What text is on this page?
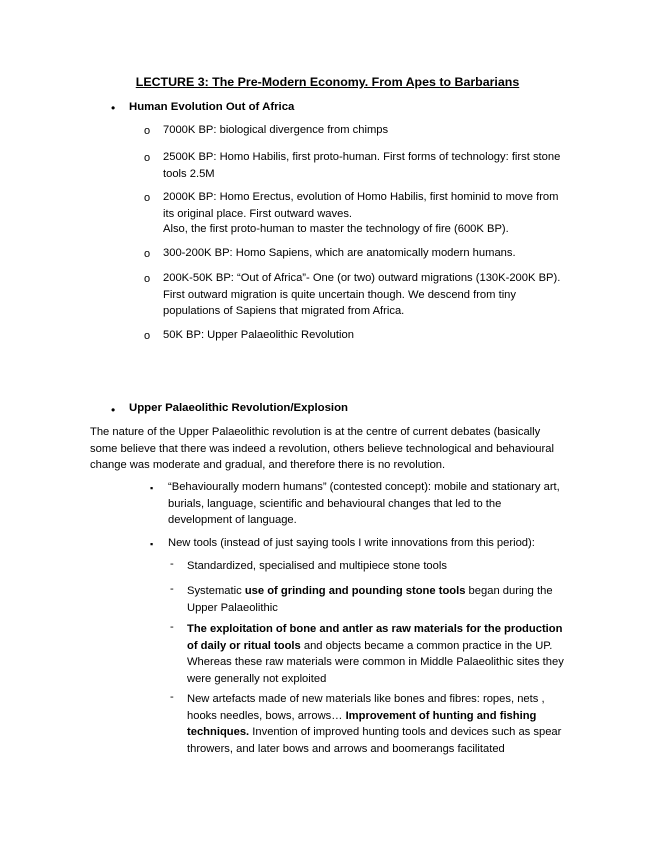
LECTURE 3: The Pre-Modern Economy. From Apes to Barbarians

• Human Evolution Out of Africa

o 7000K BP: biological divergence from chimps

o 2500K BP: Homo Habilis, first proto-human. First forms of technology: first stone tools 2.5M

o 2000K BP: Homo Erectus, evolution of Homo Habilis, first hominid to move from its original place. First outward waves.

Also, the first proto-human to master the technology of fire (600K BP).

o 300-200K BP: Homo Sapiens, which are anatomically modern humans.

o 200K-50K BP: “Out of Africa”- One (or two) outward migrations (130K-200K BP). First outward migration is quite uncertain though. We descend from tiny populations of Sapiens that migrated from Africa.

o 50K BP: Upper Palaeolithic Revolution

• Upper Palaeolithic Revolution/Explosion

The nature of the Upper Palaeolithic revolution is at the centre of current debates (basically some believe that there was indeed a revolution, others believe technological and behavioural change was moderate and gradual, and therefore there is no revolution.

▪ “Behaviourally modern humans” (contested concept): mobile and stationary art, burials, language, scientific and behavioural changes that led to the development of language.

▪ New tools (instead of just saying tools I write innovations from this period):

- Standardized, specialised and multipiece stone tools

- Systematic use of grinding and pounding stone tools began during the Upper Palaeolithic

- The exploitation of bone and antler as raw materials for the production of daily or ritual tools and objects became a common practice in the UP. Whereas these raw materials were common in Middle Palaeolithic sites they were generally not exploited

- New artefacts made of new materials like bones and fibres: ropes, nets , hooks needles, bows, arrows… Improvement of hunting and fishing techniques. Invention of improved hunting tools and devices such as spear throwers, and later bows and arrows and boomerangs facilitated
